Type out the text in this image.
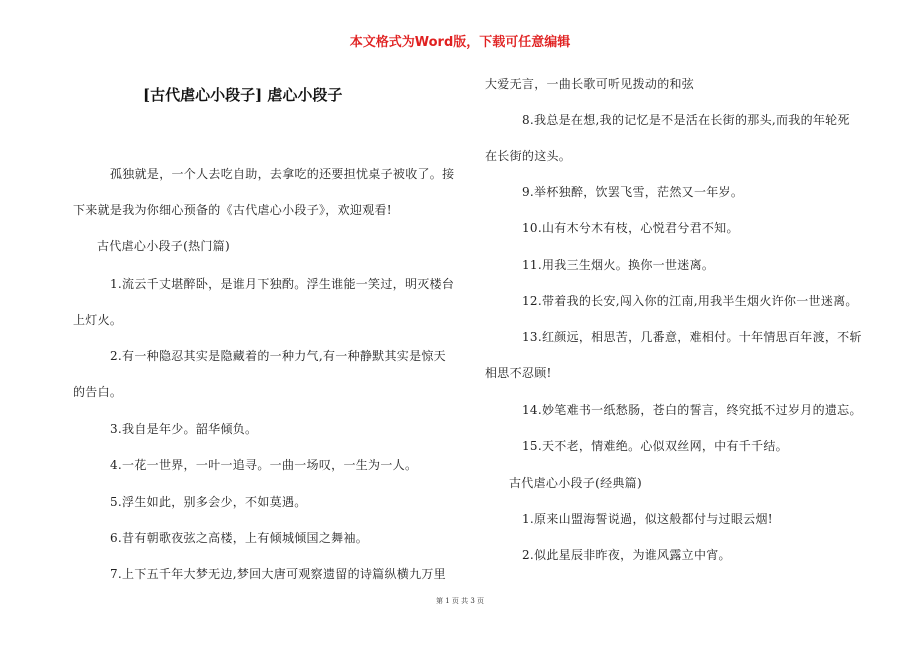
本文格式为Word版，下载可任意编辑
[古代虐心小段子] 虐心小段子
孤独就是，一个人去吃自助，去拿吃的还要担忧桌子被收了。接
下来就是我为你细心预备的《古代虐心小段子》，欢迎观看!
古代虐心小段子(热门篇)
1.流云千丈堪醉卧，是谁月下独酌。浮生谁能一笑过，明灭楼台
上灯火。
2.有一种隐忍其实是隐藏着的一种力气,有一种静默其实是惊天
的告白。
3.我自是年少。韶华倾负。
4.一花一世界，一叶一追寻。一曲一场叹，一生为一人。
5.浮生如此，别多会少，不如莫遇。
6.昔有朝歌夜弦之高楼，上有倾城倾国之舞袖。
7.上下五千年大梦无边,梦回大唐可观察遗留的诗篇纵横九万里
大爱无言，一曲长歌可听见拨动的和弦
8.我总是在想,我的记忆是不是活在长街的那头,而我的年轮死
在长街的这头。
9.举杯独醉，饮罢飞雪，茫然又一年岁。
10.山有木兮木有枝，心悦君兮君不知。
11.用我三生烟火。换你一世迷离。
12.带着我的长安,闯入你的江南,用我半生烟火许你一世迷离。
13.红颜远，相思苦，几番意，难相付。十年情思百年渡，不斩
相思不忍顾!
14.妙笔难书一纸愁肠，苍白的誓言，终究抵不过岁月的遗忘。
15.天不老，情难绝。心似双丝网，中有千千结。
古代虐心小段子(经典篇)
1.原来山盟海誓说過，似这般都付与过眼云烟!
2.似此星辰非昨夜，为谁风露立中宵。
第 1 页 共 3 页
